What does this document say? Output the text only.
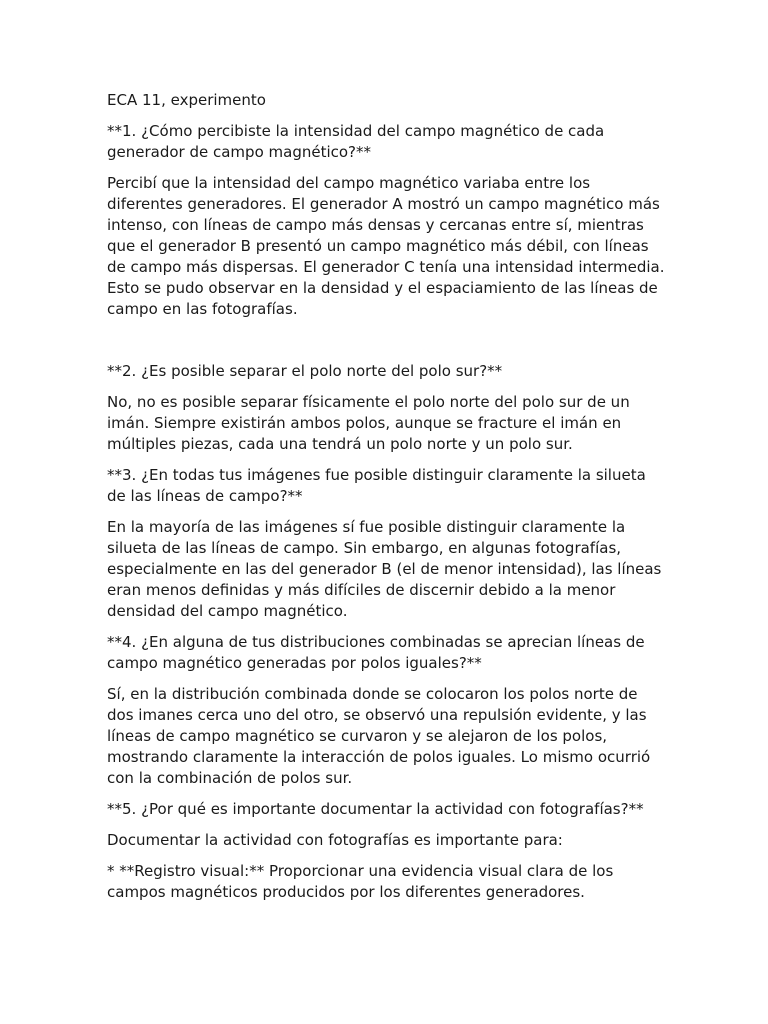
ECA 11, experimento

**1. ¿Cómo percibiste la intensidad del campo magnético de cada generador de campo magnético?**

Percibí que la intensidad del campo magnético variaba entre los diferentes generadores. El generador A mostró un campo magnético más intenso, con líneas de campo más densas y cercanas entre sí, mientras que el generador B presentó un campo magnético más débil, con líneas de campo más dispersas. El generador C tenía una intensidad intermedia. Esto se pudo observar en la densidad y el espaciamiento de las líneas de campo en las fotografías.

**2. ¿Es posible separar el polo norte del polo sur?**

No, no es posible separar físicamente el polo norte del polo sur de un imán. Siempre existirán ambos polos, aunque se fracture el imán en múltiples piezas, cada una tendrá un polo norte y un polo sur.

**3. ¿En todas tus imágenes fue posible distinguir claramente la silueta de las líneas de campo?**

En la mayoría de las imágenes sí fue posible distinguir claramente la silueta de las líneas de campo. Sin embargo, en algunas fotografías, especialmente en las del generador B (el de menor intensidad), las líneas eran menos definidas y más difíciles de discernir debido a la menor densidad del campo magnético.

**4. ¿En alguna de tus distribuciones combinadas se aprecian líneas de campo magnético generadas por polos iguales?**

Sí, en la distribución combinada donde se colocaron los polos norte de dos imanes cerca uno del otro, se observó una repulsión evidente, y las líneas de campo magnético se curvaron y se alejaron de los polos, mostrando claramente la interacción de polos iguales. Lo mismo ocurrió con la combinación de polos sur.

**5. ¿Por qué es importante documentar la actividad con fotografías?**

Documentar la actividad con fotografías es importante para:

* **Registro visual:** Proporcionar una evidencia visual clara de los campos magnéticos producidos por los diferentes generadores.
